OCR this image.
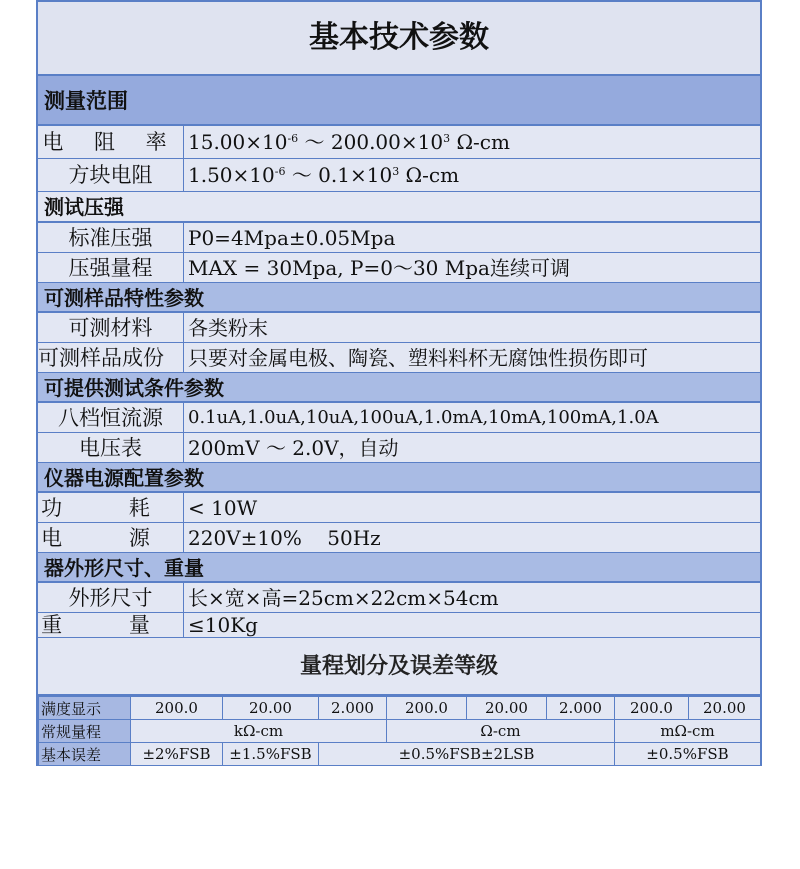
基本技术参数
测量范围
电 阻 率 $15.00\times 10^{-6}$ ～ $200.00\times 10^3$ Ω-cm
方块电阻	$1.50\times 10^{-6}$ ～ $0.1\times 10^3$ Ω-cm
测试压强
标准压强	P0=4Mpa±0.05Mpa
压强量程	MAX = 30Mpa, P=0～30 Mpa连续可调
可测样品特性参数
可测材料	各类粉末
可测样品成份	只要对金属电极、陶瓷、塑料料杯无腐蚀性损伤即可
可提供测试条件参数
八档恒流源	0.1uA,1.0uA,10uA,100uA,1.0mA,10mA,100mA,1.0A
电压表	200mV ～ 2.0V，自动
仪器电源配置参数
功 耗 < 10W
电 源 220V±10%    50Hz
器外形尺寸、重量
外形尺寸	长×宽×高=25cm×22cm×54cm
重 量 ≤10Kg
量程划分及误差等级
满度显示	200.0	20.00	2.000	200.0	20.00	2.000	200.0	20.00
常规量程	kΩ-cm			Ω-cm			mΩ-cm	
基本误差	±2%FSB	±1.5%FSB	±0.5%FSB±2LSB				±0.5%FSB	
